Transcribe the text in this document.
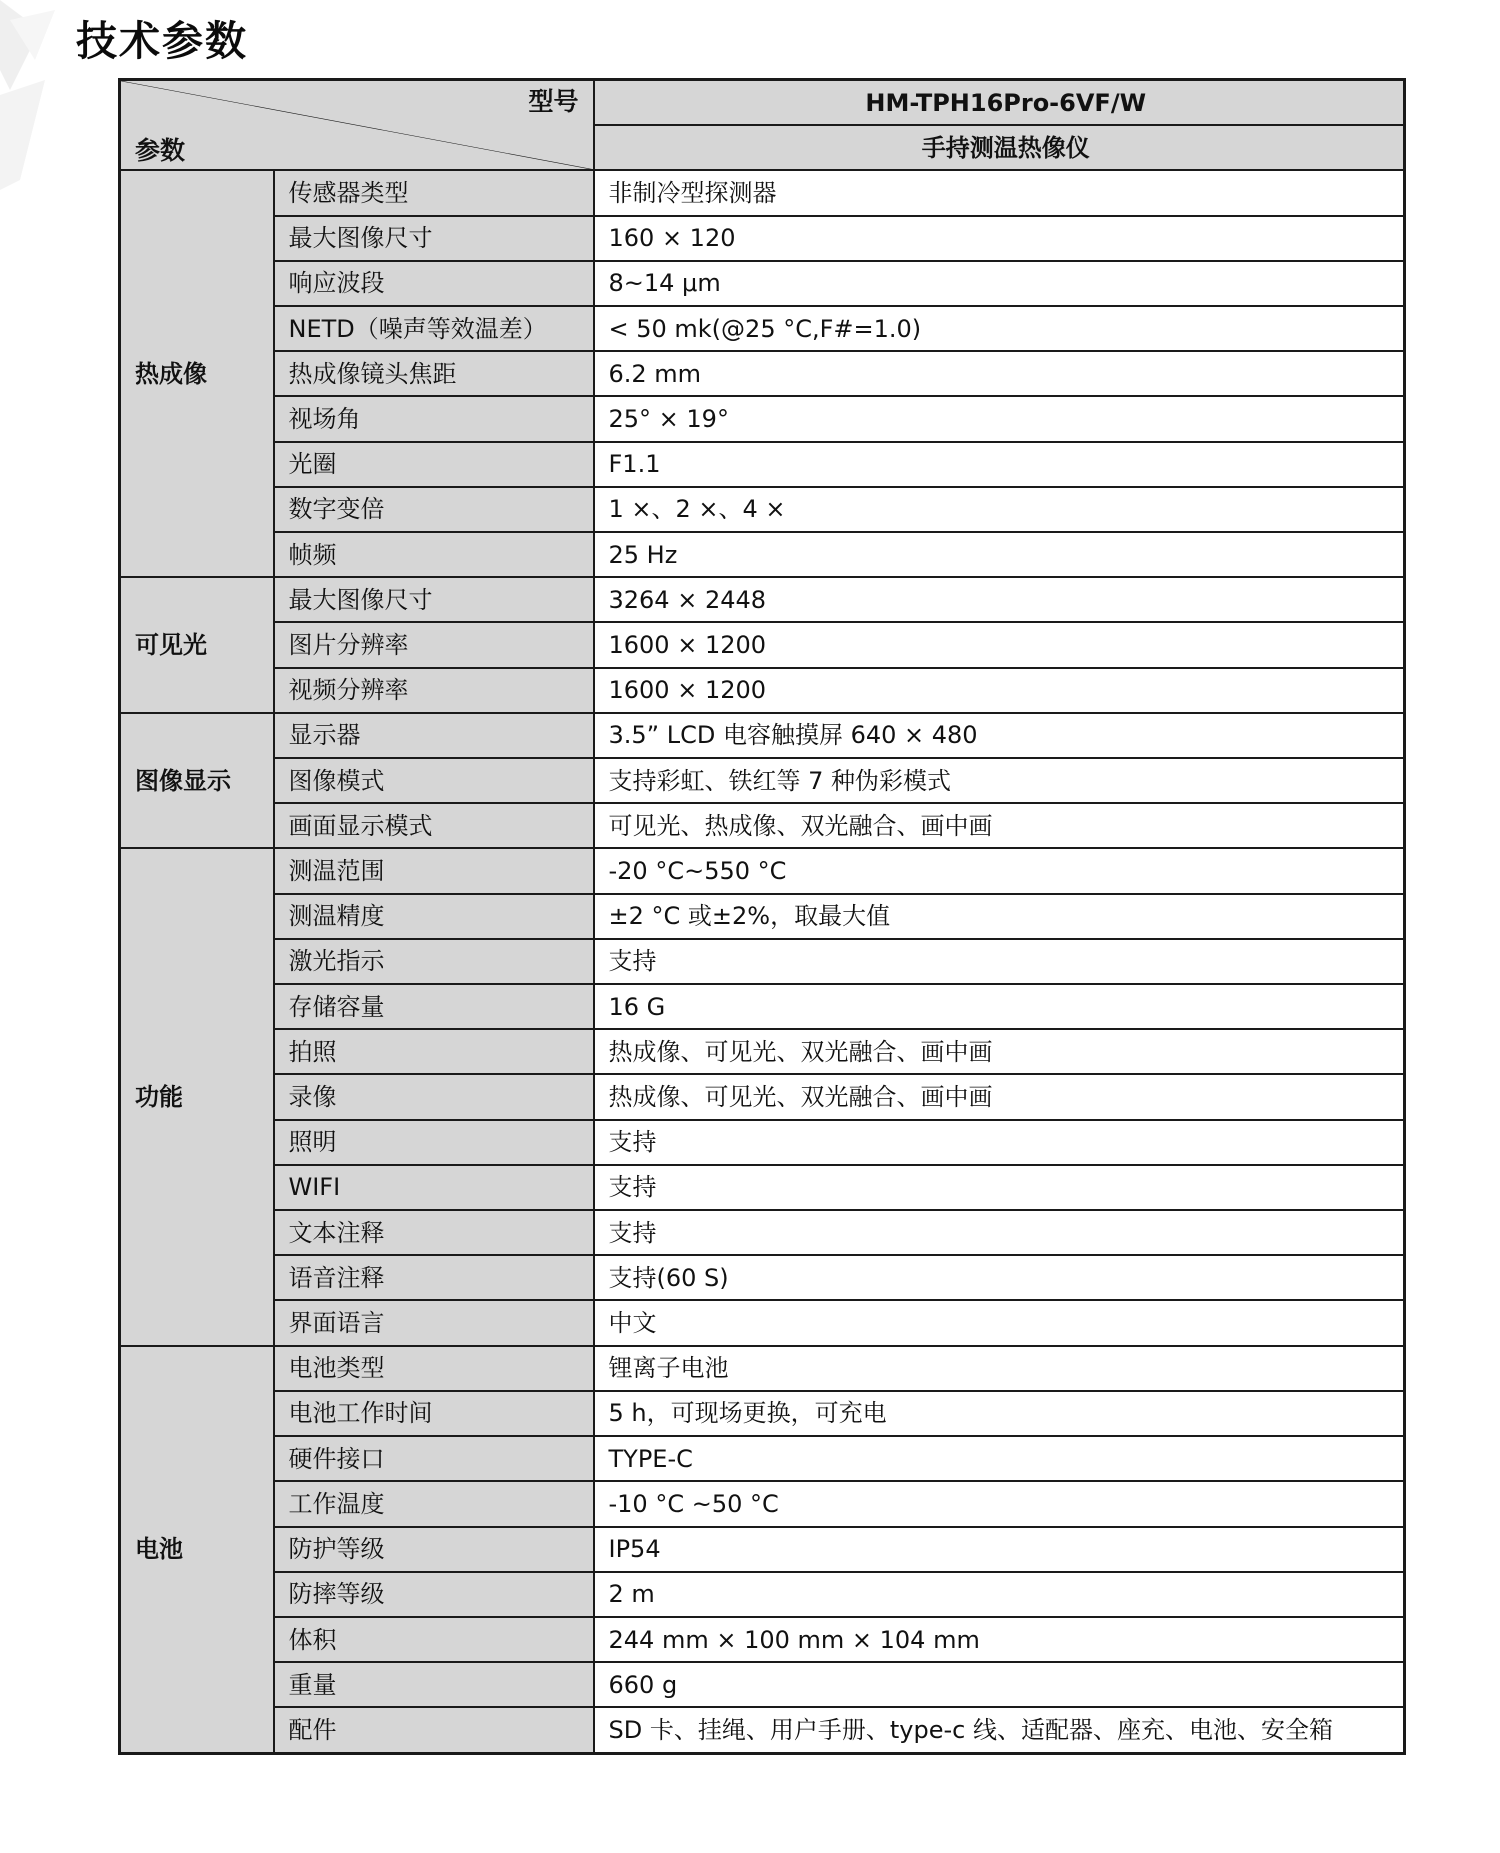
技术参数
型号
参数		HM-TPH16Pro-6VF/W
		手持测温热像仪
热成像	传感器类型	非制冷型探测器
	最大图像尺寸	160 × 120
	响应波段	8~14 μm
	NETD（噪声等效温差）	< 50 mk(@25 °C,F#=1.0)
	热成像镜头焦距	6.2 mm
	视场角	25° × 19°
	光圈	F1.1
	数字变倍	1 ×、2 ×、4 ×
	帧频	25 Hz
可见光	最大图像尺寸	3264 × 2448
	图片分辨率	1600 × 1200
	视频分辨率	1600 × 1200
图像显示	显示器	3.5” LCD 电容触摸屏 640 × 480
	图像模式	支持彩虹、铁红等 7 种伪彩模式
	画面显示模式	可见光、热成像、双光融合、画中画
功能	测温范围	-20 °C~550 °C
	测温精度	±2 °C 或±2%，取最大值
	激光指示	支持
	存储容量	16 G
	拍照	热成像、可见光、双光融合、画中画
	录像	热成像、可见光、双光融合、画中画
	照明	支持
	WIFI	支持
	文本注释	支持
	语音注释	支持(60 S)
	界面语言	中文
电池	电池类型	锂离子电池
	电池工作时间	5 h，可现场更换，可充电
	硬件接口	TYPE-C
	工作温度	-10 °C ~50 °C
	防护等级	IP54
	防摔等级	2 m
	体积	244 mm × 100 mm × 104 mm
	重量	660 g
	配件	SD 卡、挂绳、用户手册、type-c 线、适配器、座充、电池、安全箱
